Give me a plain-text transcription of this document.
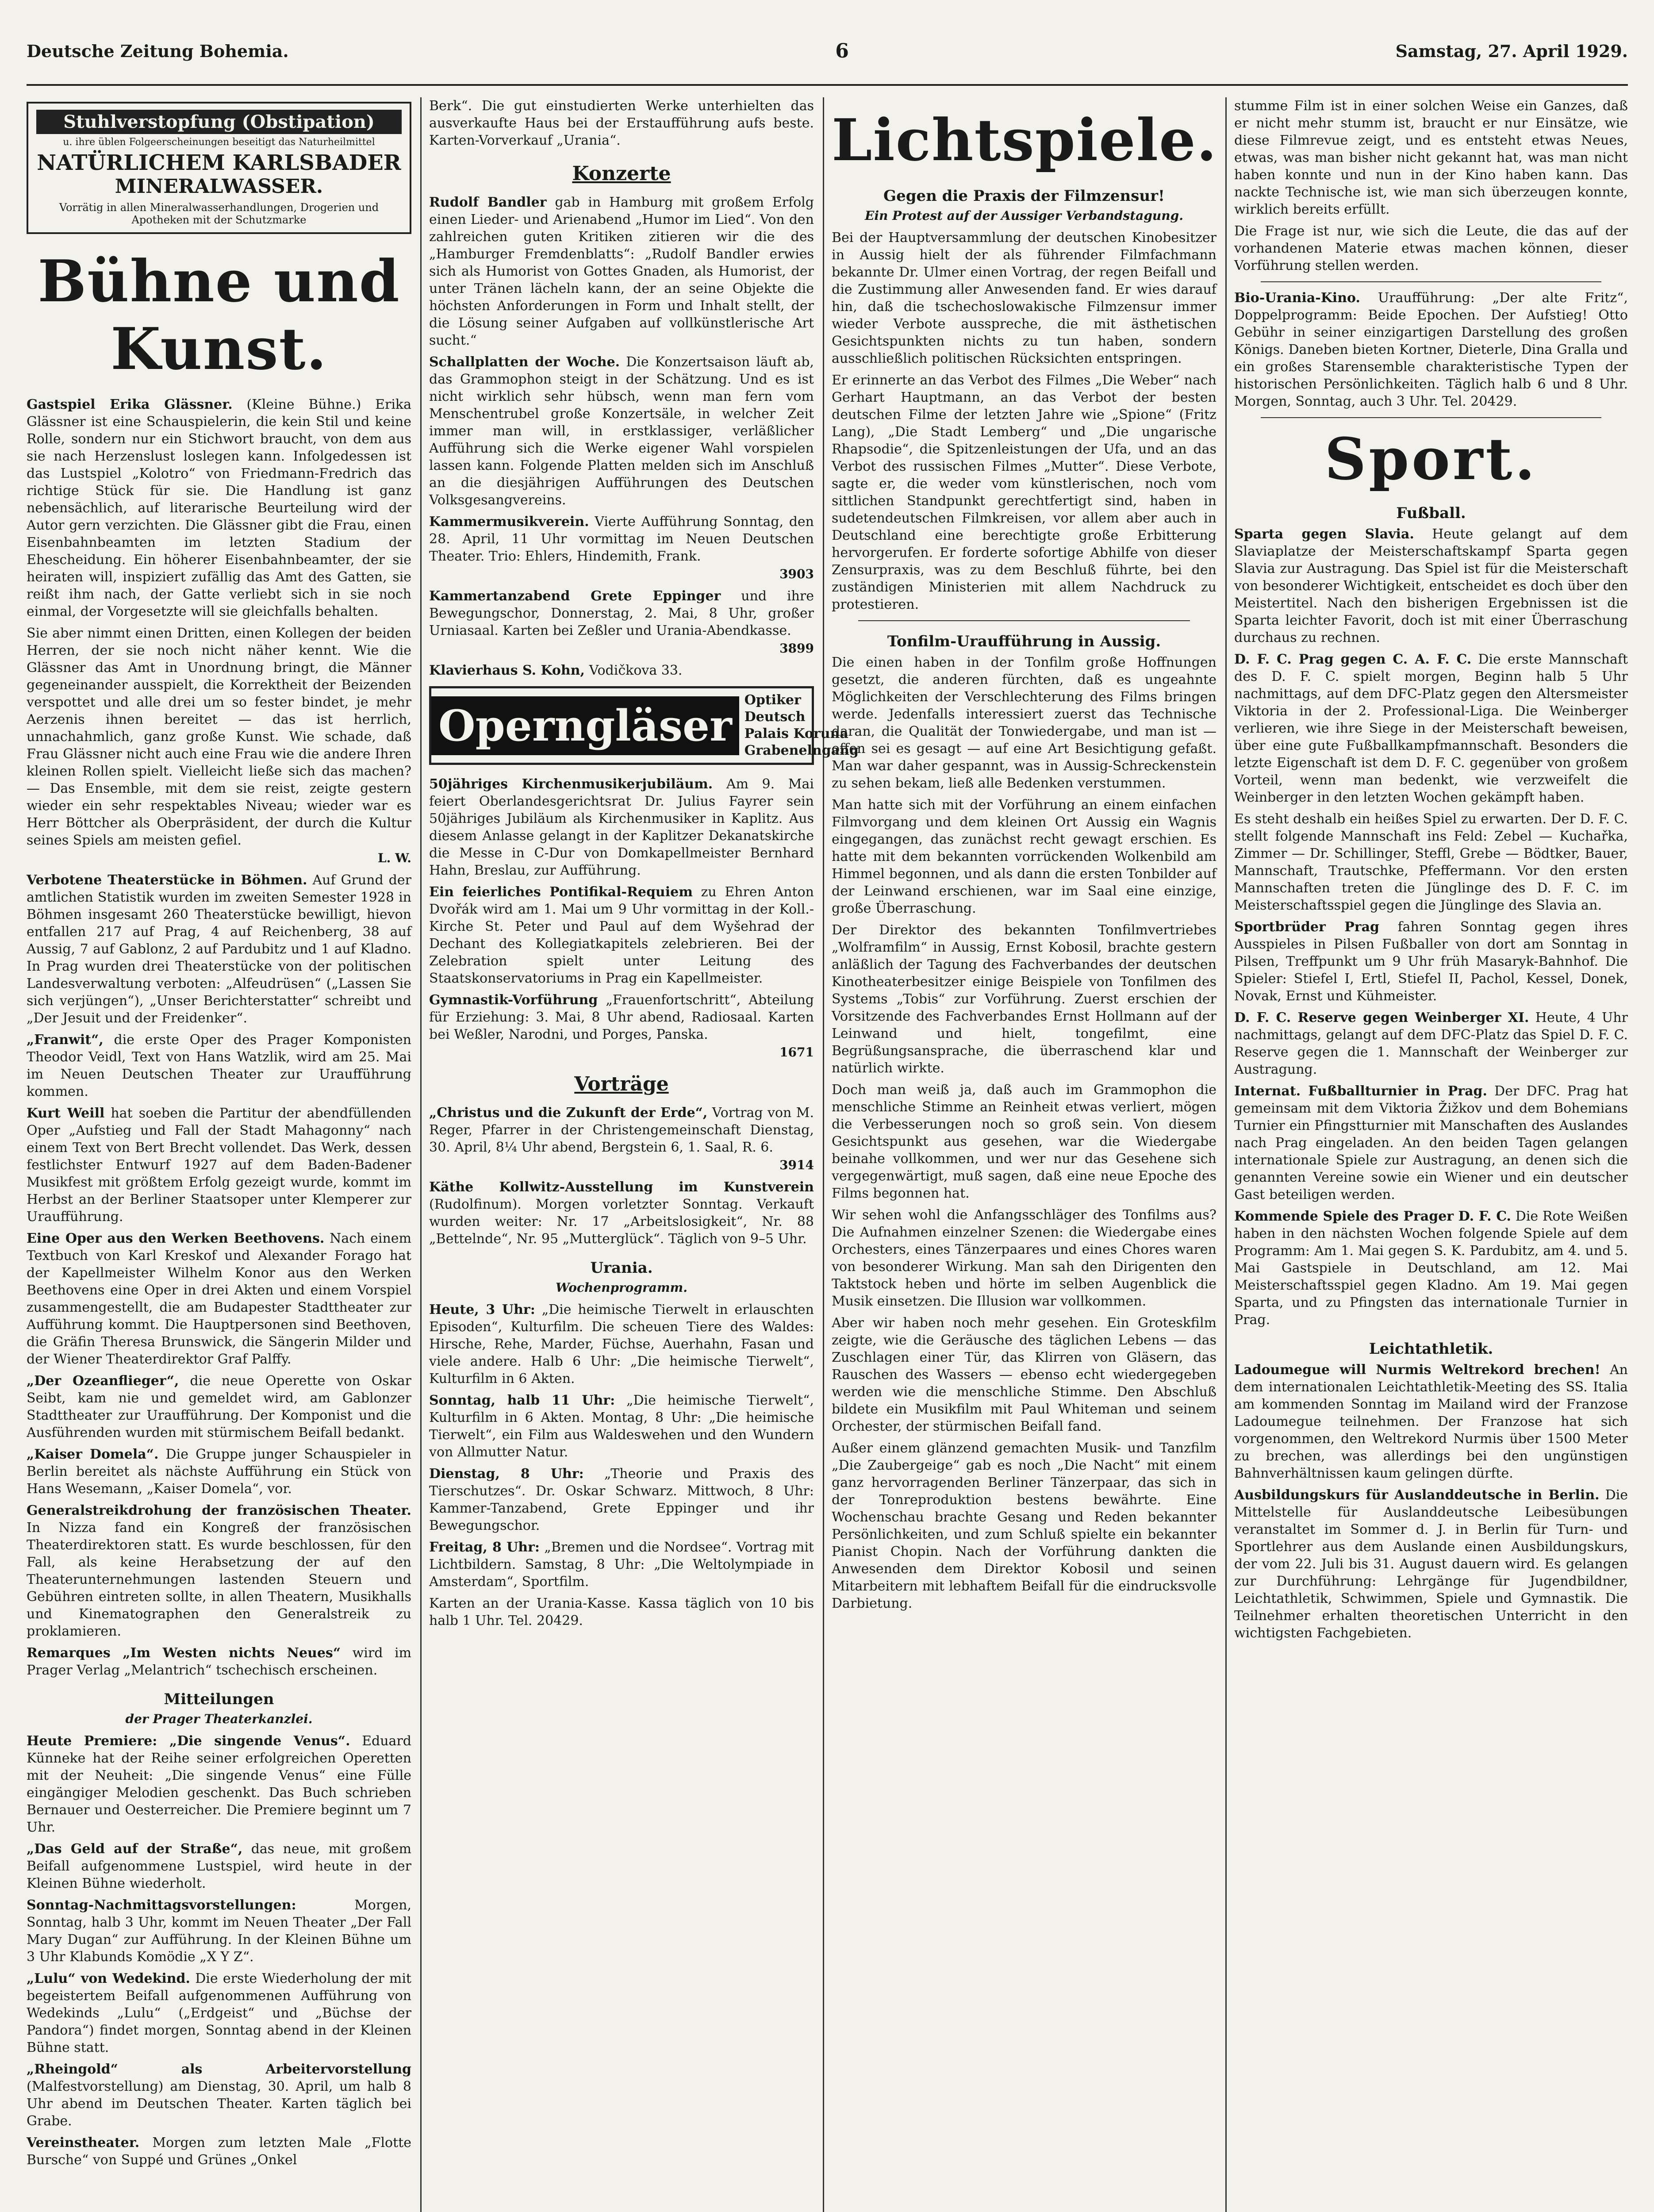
Deutsche Zeitung Bohemia.	6	Samstag, 27. April 1929.
Stuhlverstopfung (Obstipation)
u. ihre üblen Folgeerscheinungen beseitigt das Naturheilmittel
NATÜRLICHEM KARLSBADER
MINERALWASSER.
Vorrätig in allen Mineralwasserhandlungen, Drogerien und Apotheken mit der Schutzmarke
Bühne und Kunst.

Gastspiel Erika Glässner. (Kleine Bühne.) Erika Glässner ist eine Schauspielerin, die kein Stil und keine Rolle, sondern nur ein Stichwort braucht, von dem aus sie nach Herzenslust loslegen kann. Infolgedessen ist das Lustspiel „Kolotro“ von Friedmann-Fredrich das richtige Stück für sie. Die Handlung ist ganz nebensächlich, auf literarische Beurteilung wird der Autor gern verzichten. Die Glässner gibt die Frau, einen Eisenbahnbeamten im letzten Stadium der Ehescheidung. Ein höherer Eisenbahnbeamter, der sie heiraten will, inspiziert zufällig das Amt des Gatten, sie reißt ihm nach, der Gatte verliebt sich in sie noch einmal, der Vorgesetzte will sie gleichfalls behalten.

Sie aber nimmt einen Dritten, einen Kollegen der beiden Herren, der sie noch nicht näher kennt. Wie die Glässner das Amt in Unordnung bringt, die Männer gegeneinander ausspielt, die Korrektheit der Beizenden verspottet und alle drei um so fester bindet, je mehr Aerzenis ihnen bereitet — das ist herrlich, unnachahmlich, ganz große Kunst. Wie schade, daß Frau Glässner nicht auch eine Frau wie die andere Ihren kleinen Rollen spielt. Vielleicht ließe sich das machen? — Das Ensemble, mit dem sie reist, zeigte gestern wieder ein sehr respektables Niveau; wieder war es Herr Böttcher als Oberpräsident, der durch die Kultur seines Spiels am meisten gefiel.

L. W.

Verbotene Theaterstücke in Böhmen. Auf Grund der amtlichen Statistik wurden im zweiten Semester 1928 in Böhmen insgesamt 260 Theaterstücke bewilligt, hievon entfallen 217 auf Prag, 4 auf Reichenberg, 38 auf Aussig, 7 auf Gablonz, 2 auf Pardubitz und 1 auf Kladno. In Prag wurden drei Theaterstücke von der politischen Landesverwaltung verboten: „Alfeudrüsen“ („Lassen Sie sich verjüngen“), „Unser Berichterstatter“ schreibt und „Der Jesuit und der Freidenker“.

„Franwit“, die erste Oper des Prager Komponisten Theodor Veidl, Text von Hans Watzlik, wird am 25. Mai im Neuen Deutschen Theater zur Uraufführung kommen.

Kurt Weill hat soeben die Partitur der abendfüllenden Oper „Aufstieg und Fall der Stadt Mahagonny“ nach einem Text von Bert Brecht vollendet. Das Werk, dessen festlichster Entwurf 1927 auf dem Baden-Badener Musikfest mit größtem Erfolg gezeigt wurde, kommt im Herbst an der Berliner Staatsoper unter Klemperer zur Uraufführung.

Eine Oper aus den Werken Beethovens. Nach einem Textbuch von Karl Kreskof und Alexander Forago hat der Kapellmeister Wilhelm Konor aus den Werken Beethovens eine Oper in drei Akten und einem Vorspiel zusammengestellt, die am Budapester Stadttheater zur Aufführung kommt. Die Hauptpersonen sind Beethoven, die Gräfin Theresa Brunswick, die Sängerin Milder und der Wiener Theaterdirektor Graf Palffy.

„Der Ozeanflieger“, die neue Operette von Oskar Seibt, kam nie und gemeldet wird, am Gablonzer Stadttheater zur Uraufführung. Der Komponist und die Ausführenden wurden mit stürmischem Beifall bedankt.

„Kaiser Domela“. Die Gruppe junger Schauspieler in Berlin bereitet als nächste Aufführung ein Stück von Hans Wesemann, „Kaiser Domela“, vor.

Generalstreikdrohung der französischen Theater. In Nizza fand ein Kongreß der französischen Theaterdirektoren statt. Es wurde beschlossen, für den Fall, als keine Herabsetzung der auf den Theaterunternehmungen lastenden Steuern und Gebühren eintreten sollte, in allen Theatern, Musikhalls und Kinematographen den Generalstreik zu proklamieren.

Remarques „Im Westen nichts Neues“ wird im Prager Verlag „Melantrich“ tschechisch erscheinen.

Mitteilungen
der Prager Theaterkanzlei.

Heute Premiere: „Die singende Venus“. Eduard Künneke hat der Reihe seiner erfolgreichen Operetten mit der Neuheit: „Die singende Venus“ eine Fülle eingängiger Melodien geschenkt. Das Buch schrieben Bernauer und Oesterreicher. Die Premiere beginnt um 7 Uhr.

„Das Geld auf der Straße“, das neue, mit großem Beifall aufgenommene Lustspiel, wird heute in der Kleinen Bühne wiederholt.

Sonntag-Nachmittagsvorstellungen:	Morgen, Sonntag, halb 3 Uhr, kommt im Neuen Theater „Der Fall Mary Dugan“ zur Aufführung. In der Kleinen Bühne um 3 Uhr Klabunds Komödie „X Y Z“.

„Lulu“ von Wedekind. Die erste Wiederholung der mit begeistertem Beifall aufgenommenen Aufführung von Wedekinds „Lulu“ („Erdgeist“ und „Büchse der Pandora“) findet morgen, Sonntag abend in der Kleinen Bühne statt.

„Rheingold“ als Arbeitervorstellung (Malfestvorstellung) am Dienstag, 30. April, um halb 8 Uhr abend im Deutschen Theater. Karten täglich bei Grabe.

Vereinstheater. Morgen zum letzten Male „Flotte Bursche“ von Suppé und Grünes „Onkel

Berk“. Die gut einstudierten Werke unterhielten das ausverkaufte Haus bei der Erstaufführung aufs beste. Karten-Vorverkauf „Urania“.

Konzerte

Rudolf Bandler gab in Hamburg mit großem Erfolg einen Lieder- und Arienabend „Humor im Lied“. Von den zahlreichen guten Kritiken zitieren wir die des „Hamburger Fremdenblatts“: „Rudolf Bandler erwies sich als Humorist von Gottes Gnaden, als Humorist, der unter Tränen lächeln kann, der an seine Objekte die höchsten Anforderungen in Form und Inhalt stellt, der die Lösung seiner Aufgaben auf vollkünstlerische Art sucht.“

Schallplatten der Woche. Die Konzertsaison läuft ab, das Grammophon steigt in der Schätzung. Und es ist nicht wirklich sehr hübsch, wenn man fern vom Menschentrubel große Konzertsäle, in welcher Zeit immer man will, in erstklassiger, verläßlicher Aufführung sich die Werke eigener Wahl vorspielen lassen kann. Folgende Platten melden sich im Anschluß an die diesjährigen Aufführungen des Deutschen Volksgesangvereins.

Kammermusikverein. Vierte Aufführung Sonntag, den 28. April, 11 Uhr vormittag im Neuen Deutschen Theater. Trio: Ehlers, Hindemith, Frank.

3903

Kammertanzabend Grete Eppinger und ihre Bewegungschor, Donnerstag, 2. Mai, 8 Uhr, großer Urniasaal. Karten bei Zeßler und Urania-Abendkasse.

3899

Klavierhaus S. Kohn, Vodičkova 33.

Operngläser
Optiker Deutsch
Palais Koruna
Grabenelngang

50jähriges Kirchenmusikerjubiläum. Am 9. Mai feiert Oberlandesgerichtsrat Dr. Julius Fayrer sein 50jähriges Jubiläum als Kirchenmusiker in Kaplitz. Aus diesem Anlasse gelangt in der Kaplitzer Dekanatskirche die Messe in C-Dur von Domkapellmeister Bernhard Hahn, Breslau, zur Aufführung.

Ein feierliches Pontifikal-Requiem zu Ehren Anton Dvořák wird am 1. Mai um 9 Uhr vormittag in der Koll.-Kirche St. Peter und Paul auf dem Wyšehrad der Dechant des Kollegiatkapitels zelebrieren. Bei der Zelebration spielt unter Leitung des Staatskonservatoriums in Prag ein Kapellmeister.

Gymnastik-Vorführung „Frauenfortschritt“, Abteilung für Erziehung: 3. Mai, 8 Uhr abend, Radiosaal. Karten bei Weßler, Narodni, und Porges, Panska.

1671
Vorträge

„Christus und die Zukunft der Erde“, Vortrag von M. Reger, Pfarrer in der Christengemeinschaft Dienstag, 30. April, 8¼ Uhr abend, Bergstein 6, 1. Saal, R. 6.

3914

Käthe Kollwitz-Ausstellung im Kunstverein (Rudolfinum). Morgen vorletzter Sonntag. Verkauft wurden weiter: Nr. 17 „Arbeitslosigkeit“, Nr. 88 „Bettelnde“, Nr. 95 „Mutterglück“. Täglich von 9–5 Uhr.

Urania.
Wochenprogramm.

Heute, 3 Uhr: „Die heimische Tierwelt in erlauschten Episoden“, Kulturfilm. Die scheuen Tiere des Waldes: Hirsche, Rehe, Marder, Füchse, Auerhahn, Fasan und viele andere. Halb 6 Uhr: „Die heimische Tierwelt“, Kulturfilm in 6 Akten.

Sonntag, halb 11 Uhr: „Die heimische Tierwelt“, Kulturfilm in 6 Akten. Montag, 8 Uhr: „Die heimische Tierwelt“, ein Film aus Waldeswehen und den Wundern von Allmutter Natur.

Dienstag, 8 Uhr: „Theorie und Praxis des Tierschutzes“. Dr. Oskar Schwarz. Mittwoch, 8 Uhr: Kammer-Tanzabend, Grete Eppinger und ihr Bewegungschor.

Freitag, 8 Uhr: „Bremen und die Nordsee“. Vortrag mit Lichtbildern. Samstag, 8 Uhr: „Die Weltolympiade in Amsterdam“, Sportfilm.

Karten an der Urania-Kasse. Kassa täglich von 10 bis halb 1 Uhr. Tel. 20429.

Lichtspiele.
Gegen die Praxis der Filmzensur!
Ein Protest auf der Aussiger Verbandstagung.

Bei der Hauptversammlung der deutschen Kinobesitzer in Aussig hielt der als führender Filmfachmann bekannte Dr. Ulmer einen Vortrag, der regen Beifall und die Zustimmung aller Anwesenden fand. Er wies darauf hin, daß die tschechoslowakische Filmzensur immer wieder Verbote ausspreche, die mit ästhetischen Gesichtspunkten nichts zu tun haben, sondern ausschließlich politischen Rücksichten entspringen.

Er erinnerte an das Verbot des Filmes „Die Weber“ nach Gerhart Hauptmann, an das Verbot der besten deutschen Filme der letzten Jahre wie „Spione“ (Fritz Lang), „Die Stadt Lemberg“ und „Die ungarische Rhapsodie“, die Spitzenleistungen der Ufa, und an das Verbot des russischen Filmes „Mutter“. Diese Verbote, sagte er, die weder vom künstlerischen, noch vom sittlichen Standpunkt gerechtfertigt sind, haben in sudetendeutschen Filmkreisen, vor allem aber auch in Deutschland eine berechtigte große Erbitterung hervorgerufen. Er forderte sofortige Abhilfe von dieser Zensurpraxis, was zu dem Beschluß führte, bei den zuständigen Ministerien mit allem Nachdruck zu protestieren.

Tonfilm-Uraufführung in Aussig.

Die einen haben in der Tonfilm große Hoffnungen gesetzt, die anderen fürchten, daß es ungeahnte Möglichkeiten der Verschlechterung des Films bringen werde. Jedenfalls interessiert zuerst das Technische daran, die Qualität der Tonwiedergabe, und man ist — offen sei es gesagt — auf eine Art Besichtigung gefaßt. Man war daher gespannt, was in Aussig-Schreckenstein zu sehen bekam, ließ alle Bedenken verstummen.

Man hatte sich mit der Vorführung an einem einfachen Filmvorgang und dem kleinen Ort Aussig ein Wagnis eingegangen, das zunächst recht gewagt erschien. Es hatte mit dem bekannten vorrückenden Wolkenbild am Himmel begonnen, und als dann die ersten Tonbilder auf der Leinwand erschienen, war im Saal eine einzige, große Überraschung.

Der Direktor des bekannten Tonfilmvertriebes „Wolframfilm“ in Aussig, Ernst Kobosil, brachte gestern anläßlich der Tagung des Fachverbandes der deutschen Kinotheaterbesitzer einige Beispiele von Tonfilmen des Systems „Tobis“ zur Vorführung. Zuerst erschien der Vorsitzende des Fachverbandes Ernst Hollmann auf der Leinwand und hielt, tongefilmt, eine Begrüßungsansprache, die überraschend klar und natürlich wirkte.

Doch man weiß ja, daß auch im Grammophon die menschliche Stimme an Reinheit etwas verliert, mögen die Verbesserungen noch so groß sein. Von diesem Gesichtspunkt aus gesehen, war die Wiedergabe beinahe vollkommen, und wer nur das Gesehene sich vergegenwärtigt, muß sagen, daß eine neue Epoche des Films begonnen hat.

Wir sehen wohl die Anfangsschläger des Tonfilms aus? Die Aufnahmen einzelner Szenen: die Wiedergabe eines Orchesters, eines Tänzerpaares und eines Chores waren von besonderer Wirkung. Man sah den Dirigenten den Taktstock heben und hörte im selben Augenblick die Musik einsetzen. Die Illusion war vollkommen.

Aber wir haben noch mehr gesehen. Ein Groteskfilm zeigte, wie die Geräusche des täglichen Lebens — das Zuschlagen einer Tür, das Klirren von Gläsern, das Rauschen des Wassers — ebenso echt wiedergegeben werden wie die menschliche Stimme. Den Abschluß bildete ein Musikfilm mit Paul Whiteman und seinem Orchester, der stürmischen Beifall fand.

Außer einem glänzend gemachten Musik- und Tanzfilm „Die Zaubergeige“ gab es noch „Die Nacht“ mit einem ganz hervorragenden Berliner Tänzerpaar, das sich in der Tonreproduktion bestens bewährte. Eine Wochenschau brachte Gesang und Reden bekannter Persönlichkeiten, und zum Schluß spielte ein bekannter Pianist Chopin. Nach der Vorführung dankten die Anwesenden dem Direktor Kobosil und seinen Mitarbeitern mit lebhaftem Beifall für die eindrucksvolle Darbietung.

stumme Film ist in einer solchen Weise ein Ganzes, daß er nicht mehr stumm ist, braucht er nur Einsätze, wie diese Filmrevue zeigt, und es entsteht etwas Neues, etwas, was man bisher nicht gekannt hat, was man nicht haben konnte und nun in der Kino haben kann. Das nackte Technische ist, wie man sich überzeugen konnte, wirklich bereits erfüllt.

Die Frage ist nur, wie sich die Leute, die das auf der vorhandenen Materie etwas machen können, dieser Vorführung stellen werden.

Bio-Urania-Kino. Uraufführung: „Der alte Fritz“, Doppelprogramm: Beide Epochen. Der Aufstieg! Otto Gebühr in seiner einzigartigen Darstellung des großen Königs. Daneben bieten Kortner, Dieterle, Dina Gralla und ein großes Starensemble charakteristische Typen der historischen Persönlichkeiten. Täglich halb 6 und 8 Uhr. Morgen, Sonntag, auch 3 Uhr. Tel. 20429.

Sport.
Fußball.

Sparta gegen Slavia. Heute gelangt auf dem Slaviaplatze der Meisterschaftskampf Sparta gegen Slavia zur Austragung. Das Spiel ist für die Meisterschaft von besonderer Wichtigkeit, entscheidet es doch über den Meistertitel. Nach den bisherigen Ergebnissen ist die Sparta leichter Favorit, doch ist mit einer Überraschung durchaus zu rechnen.

D. F. C. Prag gegen C. A. F. C. Die erste Mannschaft des D. F. C. spielt morgen, Beginn halb 5 Uhr nachmittags, auf dem DFC-Platz gegen den Altersmeister Viktoria in der 2. Professional-Liga. Die Weinberger verlieren, wie ihre Siege in der Meisterschaft beweisen, über eine gute Fußballkampfmannschaft. Besonders die letzte Eigenschaft ist dem D. F. C. gegenüber von großem Vorteil, wenn man bedenkt, wie verzweifelt die Weinberger in den letzten Wochen gekämpft haben.

Es steht deshalb ein heißes Spiel zu erwarten. Der D. F. C. stellt folgende Mannschaft ins Feld: Zebel — Kuchařka, Zimmer — Dr. Schillinger, Steffl, Grebe — Bödtker, Bauer, Mannschaft, Trautschke, Pfeffermann. Vor den ersten Mannschaften treten die Jünglinge des D. F. C. im Meisterschaftsspiel gegen die Jünglinge des Slavia an.

Sportbrüder Prag fahren Sonntag gegen ihres Ausspieles in Pilsen Fußballer von dort am Sonntag in Pilsen, Treffpunkt um 9 Uhr früh Masaryk-Bahnhof. Die Spieler: Stiefel I, Ertl, Stiefel II, Pachol, Kessel, Donek, Novak, Ernst und Kühmeister.

D. F. C. Reserve gegen Weinberger XI. Heute, 4 Uhr nachmittags, gelangt auf dem DFC-Platz das Spiel D. F. C. Reserve gegen die 1. Mannschaft der Weinberger zur Austragung.

Internat. Fußballturnier in Prag. Der DFC. Prag hat gemeinsam mit dem Viktoria Žižkov und dem Bohemians Turnier ein Pfingstturnier mit Manschaften des Auslandes nach Prag eingeladen. An den beiden Tagen gelangen internationale Spiele zur Austragung, an denen sich die genannten Vereine sowie ein Wiener und ein deutscher Gast beteiligen werden.

Kommende Spiele des Prager D. F. C. Die Rote Weißen haben in den nächsten Wochen folgende Spiele auf dem Programm: Am 1. Mai gegen S. K. Pardubitz, am 4. und 5. Mai Gastspiele in Deutschland, am 12. Mai Meisterschaftsspiel gegen Kladno. Am 19. Mai gegen Sparta, und zu Pfingsten das internationale Turnier in Prag.

Leichtathletik.

Ladoumegue will Nurmis Weltrekord brechen! An dem internationalen Leichtathletik-Meeting des SS. Italia am kommenden Sonntag im Mailand wird der Franzose Ladoumegue teilnehmen. Der Franzose hat sich vorgenommen, den Weltrekord Nurmis über 1500 Meter zu brechen, was allerdings bei den ungünstigen Bahnverhältnissen kaum gelingen dürfte.

Ausbildungskurs für Auslanddeutsche in Berlin. Die Mittelstelle für Auslanddeutsche Leibesübungen veranstaltet im Sommer d. J. in Berlin für Turn- und Sportlehrer aus dem Auslande einen Ausbildungskurs, der vom 22. Juli bis 31. August dauern wird. Es gelangen zur Durchführung: Lehrgänge für Jugendbildner, Leichtathletik, Schwimmen, Spiele und Gymnastik. Die Teilnehmer erhalten theoretischen Unterricht in den wichtigsten Fachgebieten.
